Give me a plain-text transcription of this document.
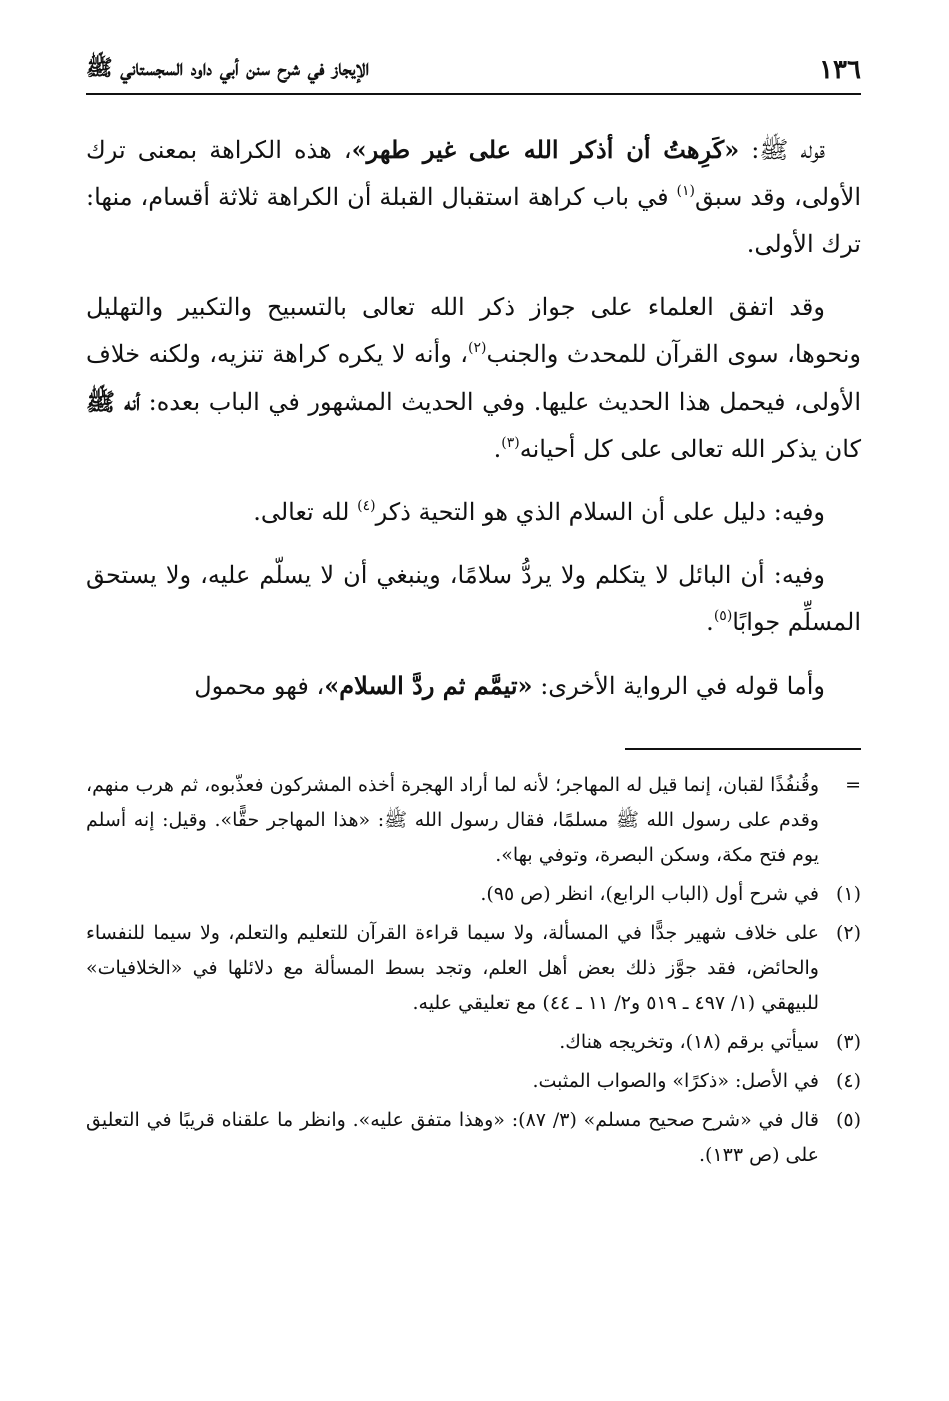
١٣٦
الإيجاز في شرح سنن أبي داود السجستاني ﷺ

قوله ﷺ: «كَرِهتُ أن أذكر الله على غير طهر»، هذه الكراهة بمعنى ترك الأولى، وقد سبق$^{(١)}$ في باب كراهة استقبال القبلة أن الكراهة ثلاثة أقسام، منها: ترك الأولى.

وقد اتفق العلماء على جواز ذكر الله تعالى بالتسبيح والتكبير والتهليل ونحوها، سوى القرآن للمحدث والجنب$^{(٢)}$، وأنه لا يكره كراهة تنزيه، ولكنه خلاف الأولى، فيحمل هذا الحديث عليها. وفي الحديث المشهور في الباب بعده: أنه ﷺ كان يذكر الله تعالى على كل أحيانه$^{(٣)}$.

وفيه: دليل على أن السلام الذي هو التحية ذكر$^{(٤)}$ لله تعالى.

وفيه: أن البائل لا يتكلم ولا يردُّ سلامًا، وينبغي أن لا يسلّم عليه، ولا يستحق المسلِّم جوابًا$^{(٥)}$.

وأما قوله في الرواية الأخرى: «تيمَّم ثم ردَّ السلام»، فهو محمول

=
وقُنفُذًا لقبان، إنما قيل له المهاجر؛ لأنه لما أراد الهجرة أخذه المشركون فعذّبوه، ثم هرب منهم، وقدم على رسول الله ﷺ مسلمًا، فقال رسول الله ﷺ: «هذا المهاجر حقًّا». وقيل: إنه أسلم يوم فتح مكة، وسكن البصرة، وتوفي بها».
(١)
في شرح أول (الباب الرابع)، انظر (ص ٩٥).
(٢)
على خلاف شهير جدًّا في المسألة، ولا سيما قراءة القرآن للتعليم والتعلم، ولا سيما للنفساء والحائض، فقد جوَّز ذلك بعض أهل العلم، وتجد بسط المسألة مع دلائلها في «الخلافيات» للبيهقي (١/ ٤٩٧ ـ ٥١٩ و٢/ ١١ ـ ٤٤) مع تعليقي عليه.
(٣)
سيأتي برقم (١٨)، وتخريجه هناك.
(٤)
في الأصل: «ذكرًا» والصواب المثبت.
(٥)
قال في «شرح صحيح مسلم» (٣/ ٨٧): «وهذا متفق عليه». وانظر ما علقناه قريبًا في التعليق على (ص ١٣٣).
